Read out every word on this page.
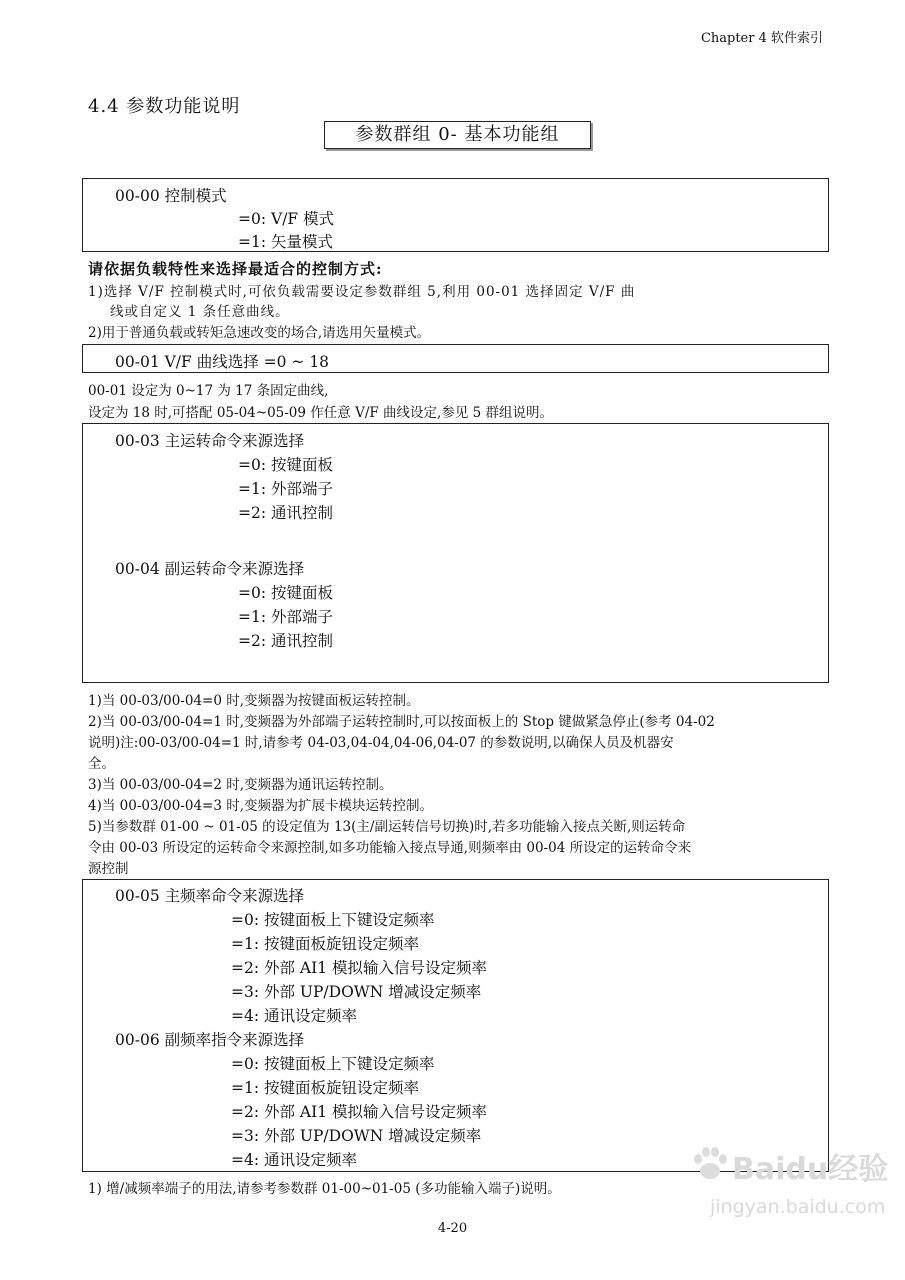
Chapter 4 软件索引
4.4 参数功能说明
参数群组 0- 基本功能组
00-00 控制模式
=0: V/F 模式
=1: 矢量模式
请依据负载特性来选择最适合的控制方式:
1)选择 V/F 控制模式时,可依负载需要设定参数群组 5,利用 00-01 选择固定 V/F 曲
线或自定义 1 条任意曲线。
2)用于普通负载或转矩急速改变的场合,请选用矢量模式。
00-01 V/F 曲线选择 =0 ~ 18
00-01 设定为 0~17 为 17 条固定曲线,
设定为 18 时,可搭配 05-04~05-09 作任意 V/F 曲线设定,参见 5 群组说明。
00-03 主运转命令来源选择
=0: 按键面板
=1: 外部端子
=2: 通讯控制
00-04 副运转命令来源选择
=0: 按键面板
=1: 外部端子
=2: 通讯控制
1)当 00-03/00-04=0 时,变频器为按键面板运转控制。
2)当 00-03/00-04=1 时,变频器为外部端子运转控制时,可以按面板上的 Stop 键做紧急停止(参考 04-02
说明)注:00-03/00-04=1 时,请参考 04-03,04-04,04-06,04-07 的参数说明,以确保人员及机器安
全。
3)当 00-03/00-04=2 时,变频器为通讯运转控制。
4)当 00-03/00-04=3 时,变频器为扩展卡模块运转控制。
5)当参数群 01-00 ~ 01-05 的设定值为 13(主/副运转信号切换)时,若多功能输入接点关断,则运转命
令由 00-03 所设定的运转命令来源控制,如多功能输入接点导通,则频率由 00-04 所设定的运转命令来
源控制
00-05 主频率命令来源选择
=0: 按键面板上下键设定频率
=1: 按键面板旋钮设定频率
=2: 外部 AI1 模拟输入信号设定频率
=3: 外部 UP/DOWN 增减设定频率
=4: 通讯设定频率
00-06 副频率指令来源选择
=0: 按键面板上下键设定频率
=1: 按键面板旋钮设定频率
=2: 外部 AI1 模拟输入信号设定频率
=3: 外部 UP/DOWN 增减设定频率
=4: 通讯设定频率
1) 增/减频率端子的用法,请参考参数群 01-00~01-05 (多功能输入端子)说明。
4-20
Baidu经验
jingyan.baidu.com
